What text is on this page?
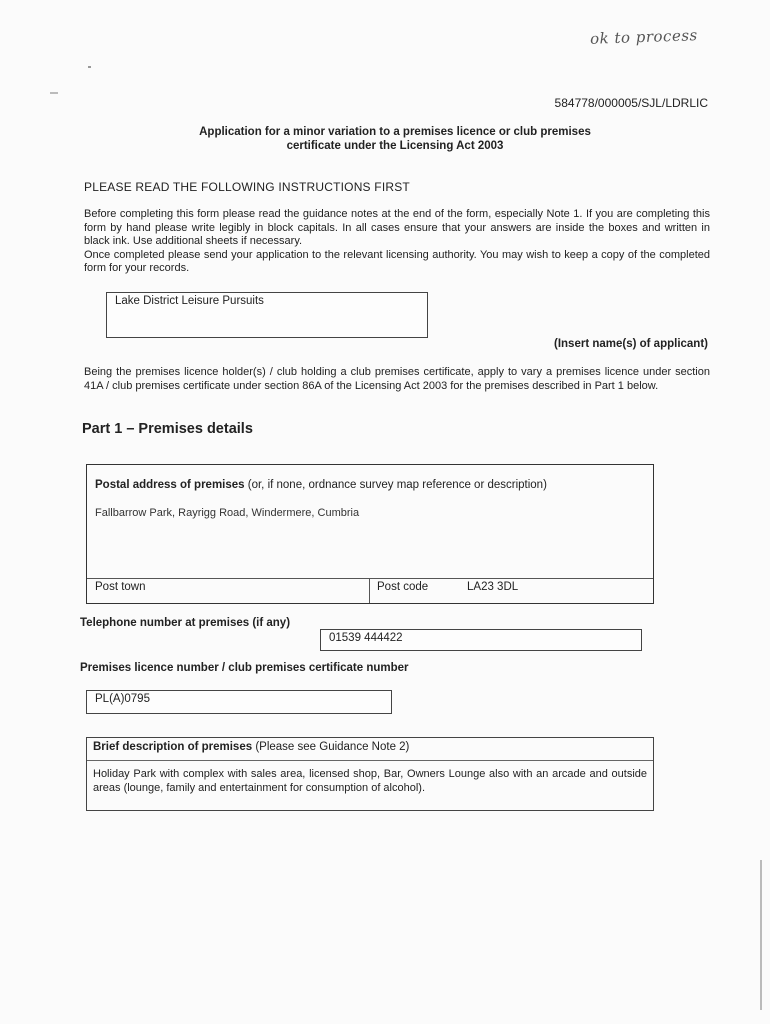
ok to process
584778/000005/SJL/LDRLIC
Application for a minor variation to a premises licence or club premises
certificate under the Licensing Act 2003
PLEASE READ THE FOLLOWING INSTRUCTIONS FIRST
Before completing this form please read the guidance notes at the end of the form, especially Note 1. If you are completing this form by hand please write legibly in block capitals. In all cases ensure that your answers are inside the boxes and written in black ink. Use additional sheets if necessary.
Once completed please send your application to the relevant licensing authority. You may wish to keep a copy of the completed form for your records.
Lake District Leisure Pursuits
(Insert name(s) of applicant)
Being the premises licence holder(s) / club holding a club premises certificate, apply to vary a premises licence under section 41A / club premises certificate under section 86A of the Licensing Act 2003 for the premises described in Part 1 below.
Part 1 – Premises details
Postal address of premises (or, if none, ordnance survey map reference or description)
Fallbarrow Park, Rayrigg Road, Windermere, Cumbria
Post town	Post code	LA23 3DL
Telephone number at premises (if any)
01539 444422
Premises licence number / club premises certificate number
PL(A)0795
Brief description of premises (Please see Guidance Note 2)
Holiday Park with complex with sales area, licensed shop, Bar, Owners Lounge also with an arcade and outside areas (lounge, family and entertainment for consumption of alcohol).
